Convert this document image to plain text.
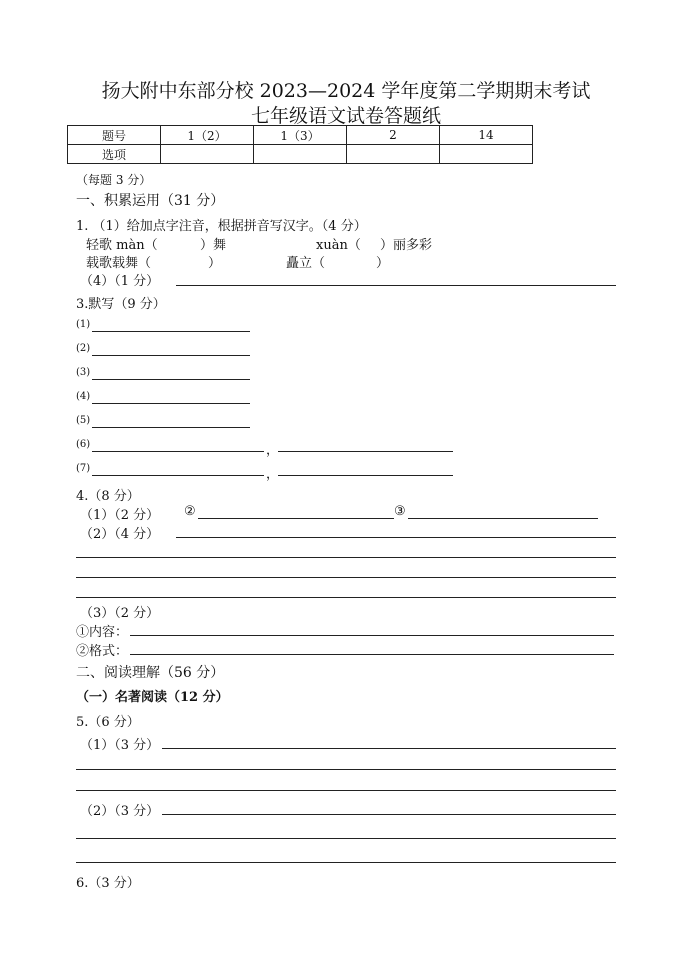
扬大附中东部分校 2023—2024 学年度第二学期期末考试
七年级语文试卷答题纸
题号	1（2）	1（3）	2	14
选项				
（每题 3 分）
一、积累运用（31 分）
1. （1）给加点字注音，根据拼音写汉字。（4 分）
轻歌 màn（	）舞	xuàn（ ）丽多彩
载歌载舞（	）	矗立（	）
（4）（1 分）
3.默写（9 分）
(1)
(2)
(3)
(4)
(5)
(6)	，
(7)	，
4.（8 分）
（1）（2 分） ②	③
（2）（4 分）
（3）（2 分）
①内容：
②格式：
二、阅读理解（56 分）
（一）名著阅读（12 分）
5.（6 分）
（1）（3 分）
（2）（3 分）
6.（3 分）
